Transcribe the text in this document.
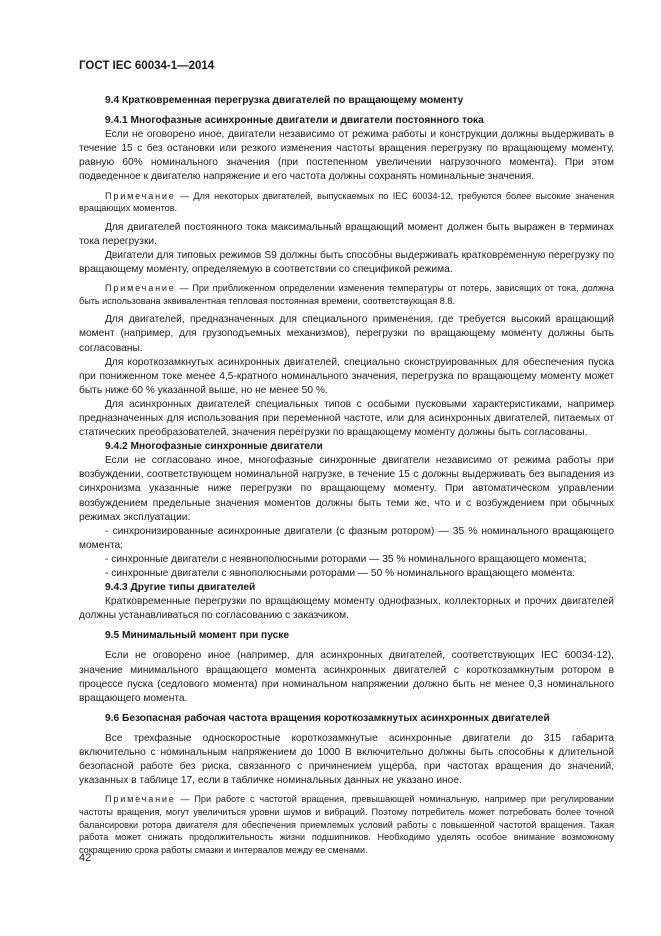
ГОСТ IEC 60034-1—2014
9.4 Кратковременная перегрузка двигателей по вращающему моменту
9.4.1 Многофазные асинхронные двигатели и двигатели постоянного тока

Если не оговорено иное, двигатели независимо от режима работы и конструкции должны выдерживать в течение 15 с без остановки или резкого изменения частоты вращения перегрузку по вращающему моменту, равную 60% номинального значения (при постепенном увеличении нагрузочного момента). При этом подведенное к двигателю напряжение и его частота должны сохранять номинальные значения.

Примечание — Для некоторых двигателей, выпускаемых по IEC 60034-12, требуются более высокие значения вращающих моментов.

Для двигателей постоянного тока максимальный вращающий момент должен быть выражен в терминах тока перегрузки.

Двигатели для типовых режимов S9 должны быть способны выдерживать кратковременную перегрузку по вращающему моменту, определяемую в соответствии со спецификой режима.

Примечание — При приближенном определении изменения температуры от потерь, зависящих от тока, должна быть использована эквивалентная тепловая постоянная времени, соответствующая 8.8.

Для двигателей, предназначенных для специального применения, где требуется высокий вращающий момент (например, для грузоподъемных механизмов), перегрузки по вращающему моменту должны быть согласованы.

Для короткозамкнутых асинхронных двигателей, специально сконструированных для обеспечения пуска при пониженном токе менее 4,5-кратного номинального значения, перегрузка по вращающему моменту может быть ниже 60 % указанной выше, но не менее 50 %.

Для асинхронных двигателей специальных типов с особыми пусковыми характеристиками, например предназначенных для использования при переменной частоте, или для асинхронных двигателей, питаемых от статических преобразователей, значения перегрузки по вращающему моменту должны быть согласованы.

9.4.2 Многофазные синхронные двигатели

Если не согласовано иное, многофазные синхронные двигатели независимо от режима работы при возбуждении, соответствующем номинальной нагрузке, в течение 15 с должны выдерживать без выпадения из синхронизма указанные ниже перегрузки по вращающему моменту. При автоматическом управлении возбуждением предельные значения моментов должны быть теми же, что и с возбуждением при обычных режимах эксплуатации:

- синхронизированные асинхронные двигатели (с фазным ротором) — 35 % номинального вращающего момента;

- синхронные двигатели с неявнополюсными роторами — 35 % номинального вращающего момента;

- синхронные двигатели с явнополюсными роторами — 50 % номинального вращающего момента.

9.4.3 Другие типы двигателей

Кратковременные перегрузки по вращающему моменту однофазных, коллекторных и прочих двигателей должны устанавливаться по согласованию с заказчиком.

9.5 Минимальный момент при пуске

Если не оговорено иное (например, для асинхронных двигателей, соответствующих IEC 60034-12), значение минимального вращающего момента асинхронных двигателей с короткозамкнутым ротором в процессе пуска (седлового момента) при номинальном напряжении должно быть не менее 0,3 номинального вращающего момента.

9.6 Безопасная рабочая частота вращения короткозамкнутых асинхронных двигателей

Все трехфазные односкоростные короткозамкнутые асинхронные двигатели до 315 габарита включительно с номинальным напряжением до 1000 В включительно должны быть способны к длительной безопасной работе без риска, связанного с причинением ущерба, при частотах вращения до значений, указанных в таблице 17, если в табличке номинальных данных не указано иное.

Примечание — При работе с частотой вращения, превышающей номинальную, например при регулировании частоты вращения, могут увеличиться уровни шумов и вибраций. Поэтому потребитель может потребовать более точной балансировки ротора двигателя для обеспечения приемлемых условий работы с повышенной частотой вращения. Такая работа может снижать продолжительность жизни подшипников. Необходимо уделять особое внимание возможному сокращению срока работы смазки и интервалов между ее сменами.

42
